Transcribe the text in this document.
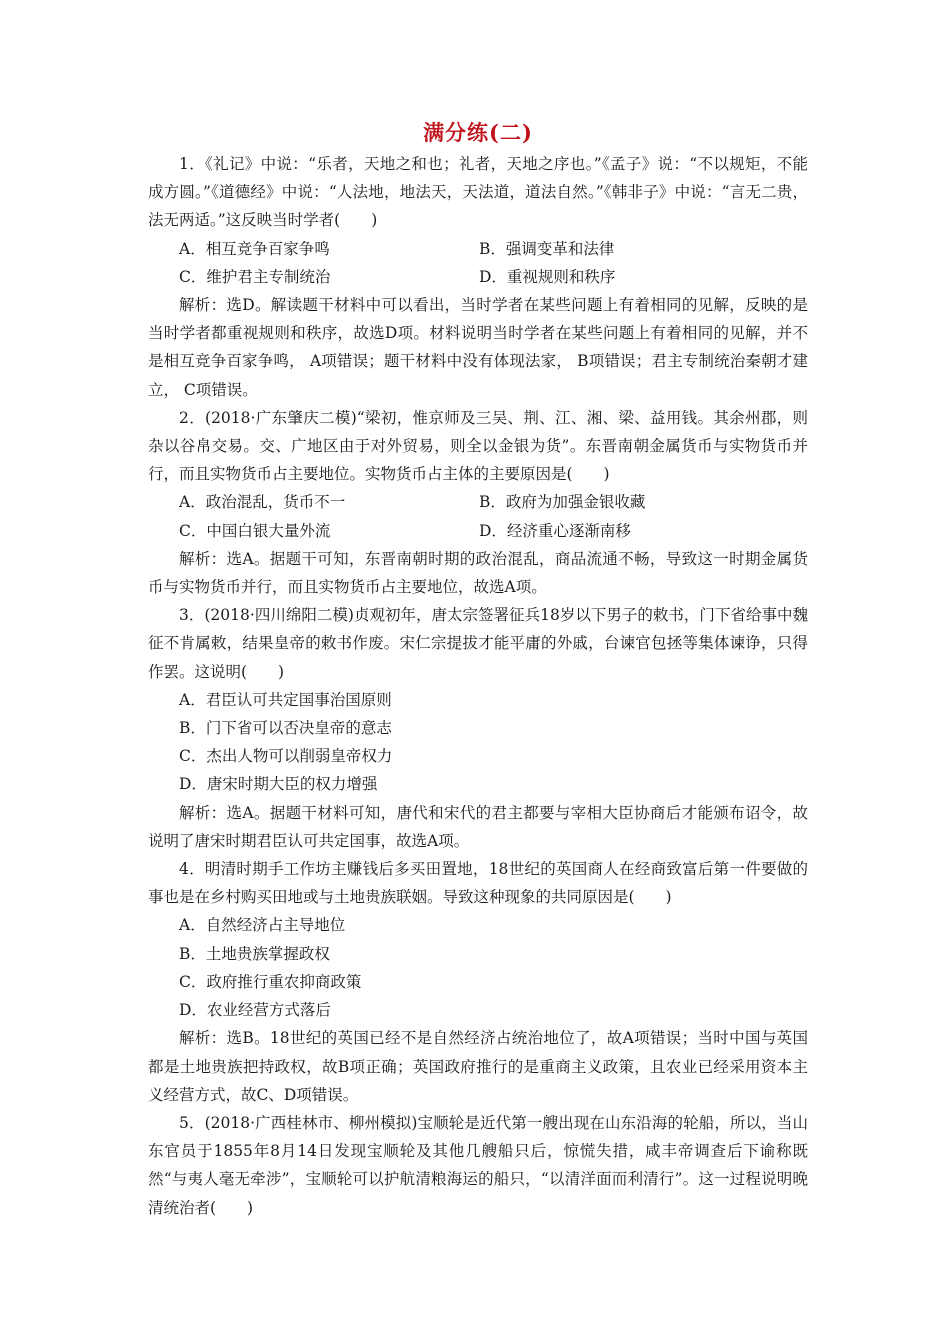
满分练(二)

1．《礼记》中说：“乐者，天地之和也；礼者，天地之序也。”《孟子》说：“不以规矩，不能成方圆。”《道德经》中说：“人法地，地法天，天法道，道法自然。”《韩非子》中说：“言无二贵，法无两适。”这反映当时学者(　　)

A．相互竞争百家争鸣	B．强调变革和法律
C．维护君主专制统治	D．重视规则和秩序

解析：选D。解读题干材料中可以看出，当时学者在某些问题上有着相同的见解，反映的是当时学者都重视规则和秩序，故选D项。材料说明当时学者在某些问题上有着相同的见解，并不是相互竞争百家争鸣， A项错误；题干材料中没有体现法家， B项错误；君主专制统治秦朝才建立， C项错误。

2．(2018·广东肇庆二模)“梁初，惟京师及三吴、荆、江、湘、梁、益用钱。其余州郡，则杂以谷帛交易。交、广地区由于对外贸易，则全以金银为货”。东晋南朝金属货币与实物货币并行，而且实物货币占主要地位。实物货币占主体的主要原因是(　　)

A．政治混乱，货币不一	B．政府为加强金银收藏
C．中国白银大量外流	D．经济重心逐渐南移

解析：选A。据题干可知，东晋南朝时期的政治混乱，商品流通不畅，导致这一时期金属货币与实物货币并行，而且实物货币占主要地位，故选A项。

3．(2018·四川绵阳二模)贞观初年，唐太宗签署征兵18岁以下男子的敕书，门下省给事中魏征不肯属敕，结果皇帝的敕书作废。宋仁宗提拔才能平庸的外戚，台谏官包拯等集体谏诤，只得作罢。这说明(　　)

A．君臣认可共定国事治国原则
B．门下省可以否决皇帝的意志
C．杰出人物可以削弱皇帝权力
D．唐宋时期大臣的权力增强

解析：选A。据题干材料可知，唐代和宋代的君主都要与宰相大臣协商后才能颁布诏令，故说明了唐宋时期君臣认可共定国事，故选A项。

4．明清时期手工作坊主赚钱后多买田置地，18世纪的英国商人在经商致富后第一件要做的事也是在乡村购买田地或与土地贵族联姻。导致这种现象的共同原因是(　　)

A．自然经济占主导地位
B．土地贵族掌握政权
C．政府推行重农抑商政策
D．农业经营方式落后

解析：选B。18世纪的英国已经不是自然经济占统治地位了，故A项错误；当时中国与英国都是土地贵族把持政权，故B项正确；英国政府推行的是重商主义政策，且农业已经采用资本主义经营方式，故C、D项错误。

5．(2018·广西桂林市、柳州模拟)宝顺轮是近代第一艘出现在山东沿海的轮船，所以，当山东官员于1855年8月14日发现宝顺轮及其他几艘船只后，惊慌失措，咸丰帝调查后下谕称既然“与夷人毫无牵涉”，宝顺轮可以护航清粮海运的船只，“以清洋面而利清行”。这一过程说明晚清统治者(　　)
